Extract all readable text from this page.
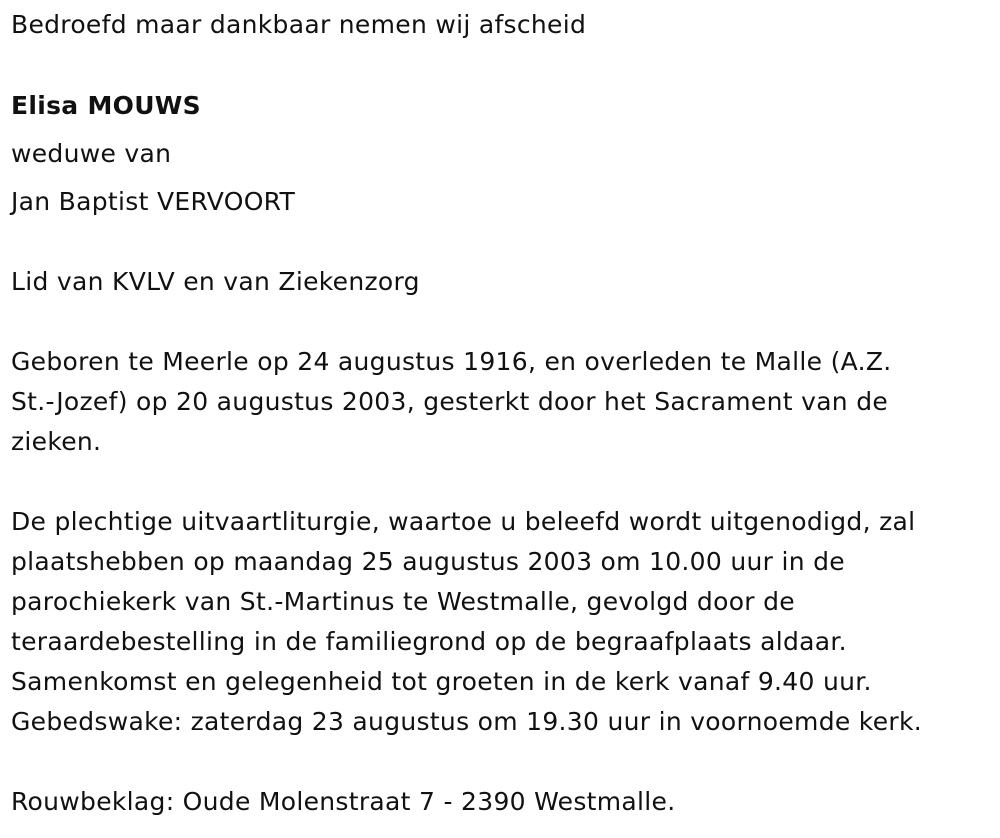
Bedroefd maar dankbaar nemen wij afscheid
Elisa MOUWS
weduwe van
Jan Baptist VERVOORT
Lid van KVLV en van Ziekenzorg
Geboren te Meerle op 24 augustus 1916, en overleden te Malle (A.Z.
St.-Jozef) op 20 augustus 2003, gesterkt door het Sacrament van de
zieken.
De plechtige uitvaartliturgie, waartoe u beleefd wordt uitgenodigd, zal
plaatshebben op maandag 25 augustus 2003 om 10.00 uur in de
parochiekerk van St.-Martinus te Westmalle, gevolgd door de
teraardebestelling in de familiegrond op de begraafplaats aldaar.
Samenkomst en gelegenheid tot groeten in de kerk vanaf 9.40 uur.
Gebedswake: zaterdag 23 augustus om 19.30 uur in voornoemde kerk.
Rouwbeklag: Oude Molenstraat 7 - 2390 Westmalle.
